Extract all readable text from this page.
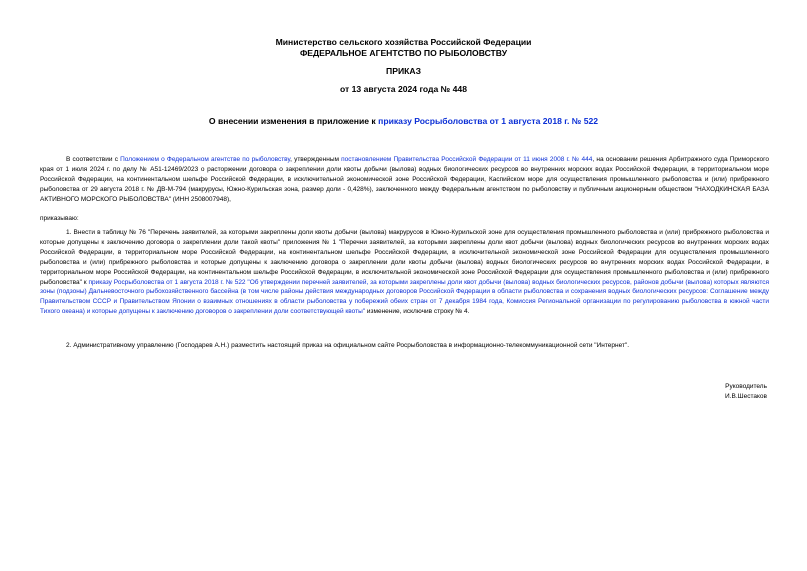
Министерство сельского хозяйства Российской Федерации
ФЕДЕРАЛЬНОЕ АГЕНТСТВО ПО РЫБОЛОВСТВУ
ПРИКАЗ
от 13 августа 2024 года № 448
О внесении изменения в приложение к приказу Росрыболовства от 1 августа 2018 г. № 522
В соответствии с Положением о Федеральном агентстве по рыболовству, утвержденным постановлением Правительства Российской Федерации от 11 июня 2008 г. № 444, на основании решения Арбитражного суда Приморского края от 1 июля 2024 г. по делу № А51-12469/2023 о расторжении договора о закреплении доли квоты добычи (вылова) водных биологических ресурсов во внутренних морских водах Российской Федерации, в территориальном море Российской Федерации, на континентальном шельфе Российской Федерации, в исключительной экономической зоне Российской Федерации, Каспийском море для осуществления промышленного рыболовства и (или) прибрежного рыболовства от 29 августа 2018 г. № ДВ-М-794 (макрурусы, Южно-Курильская зона, размер доли - 0,428%), заключенного между Федеральным агентством по рыболовству и публичным акционерным обществом "НАХОДКИНСКАЯ БАЗА АКТИВНОГО МОРСКОГО РЫБОЛОВСТВА" (ИНН 2508007948),
приказываю:
1. Внести в таблицу № 76 "Перечень заявителей, за которыми закреплены доли квоты добычи (вылова) макрурусов в Южно-Курильской зоне для осуществления промышленного рыболовства и (или) прибрежного рыболовства и которые допущены к заключению договора о закреплении доли такой квоты" приложения № 1 "Перечни заявителей, за которыми закреплены доли квот добычи (вылова) водных биологических ресурсов во внутренних морских водах Российской Федерации, в территориальном море Российской Федерации, на континентальном шельфе Российской Федерации, в исключительной экономической зоне Российской Федерации для осуществления промышленного рыболовства и (или) прибрежного рыболовства и которые допущены к заключению договора о закреплении доли квоты добычи (вылова) водных биологических ресурсов во внутренних морских водах Российской Федерации, в территориальном море Российской Федерации, на континентальном шельфе Российской Федерации, в исключительной экономической зоне Российской Федерации для осуществления промышленного рыболовства и (или) прибрежного рыболовства" к приказу Росрыболовства от 1 августа 2018 г. № 522 "Об утверждении перечней заявителей, за которыми закреплены доли квот добычи (вылова) водных биологических ресурсов, районов добычи (вылова) которых являются зоны (подзоны) Дальневосточного рыбохозяйственного бассейна (в том числе районы действия международных договоров Российской Федерации в области рыболовства и сохранения водных биологических ресурсов: Соглашение между Правительством СССР и Правительством Японии о взаимных отношениях в области рыболовства у побережий обеих стран от 7 декабря 1984 года, Комиссия Региональной организации по регулированию рыболовства в южной части Тихого океана) и которые допущены к заключению договоров о закреплении доли соответствующей квоты" изменение, исключив строку № 4.
2. Административному управлению (Господарев А.Н.) разместить настоящий приказ на официальном сайте Росрыболовства в информационно-телекоммуникационной сети "Интернет".
Руководитель
И.В.Шестаков
